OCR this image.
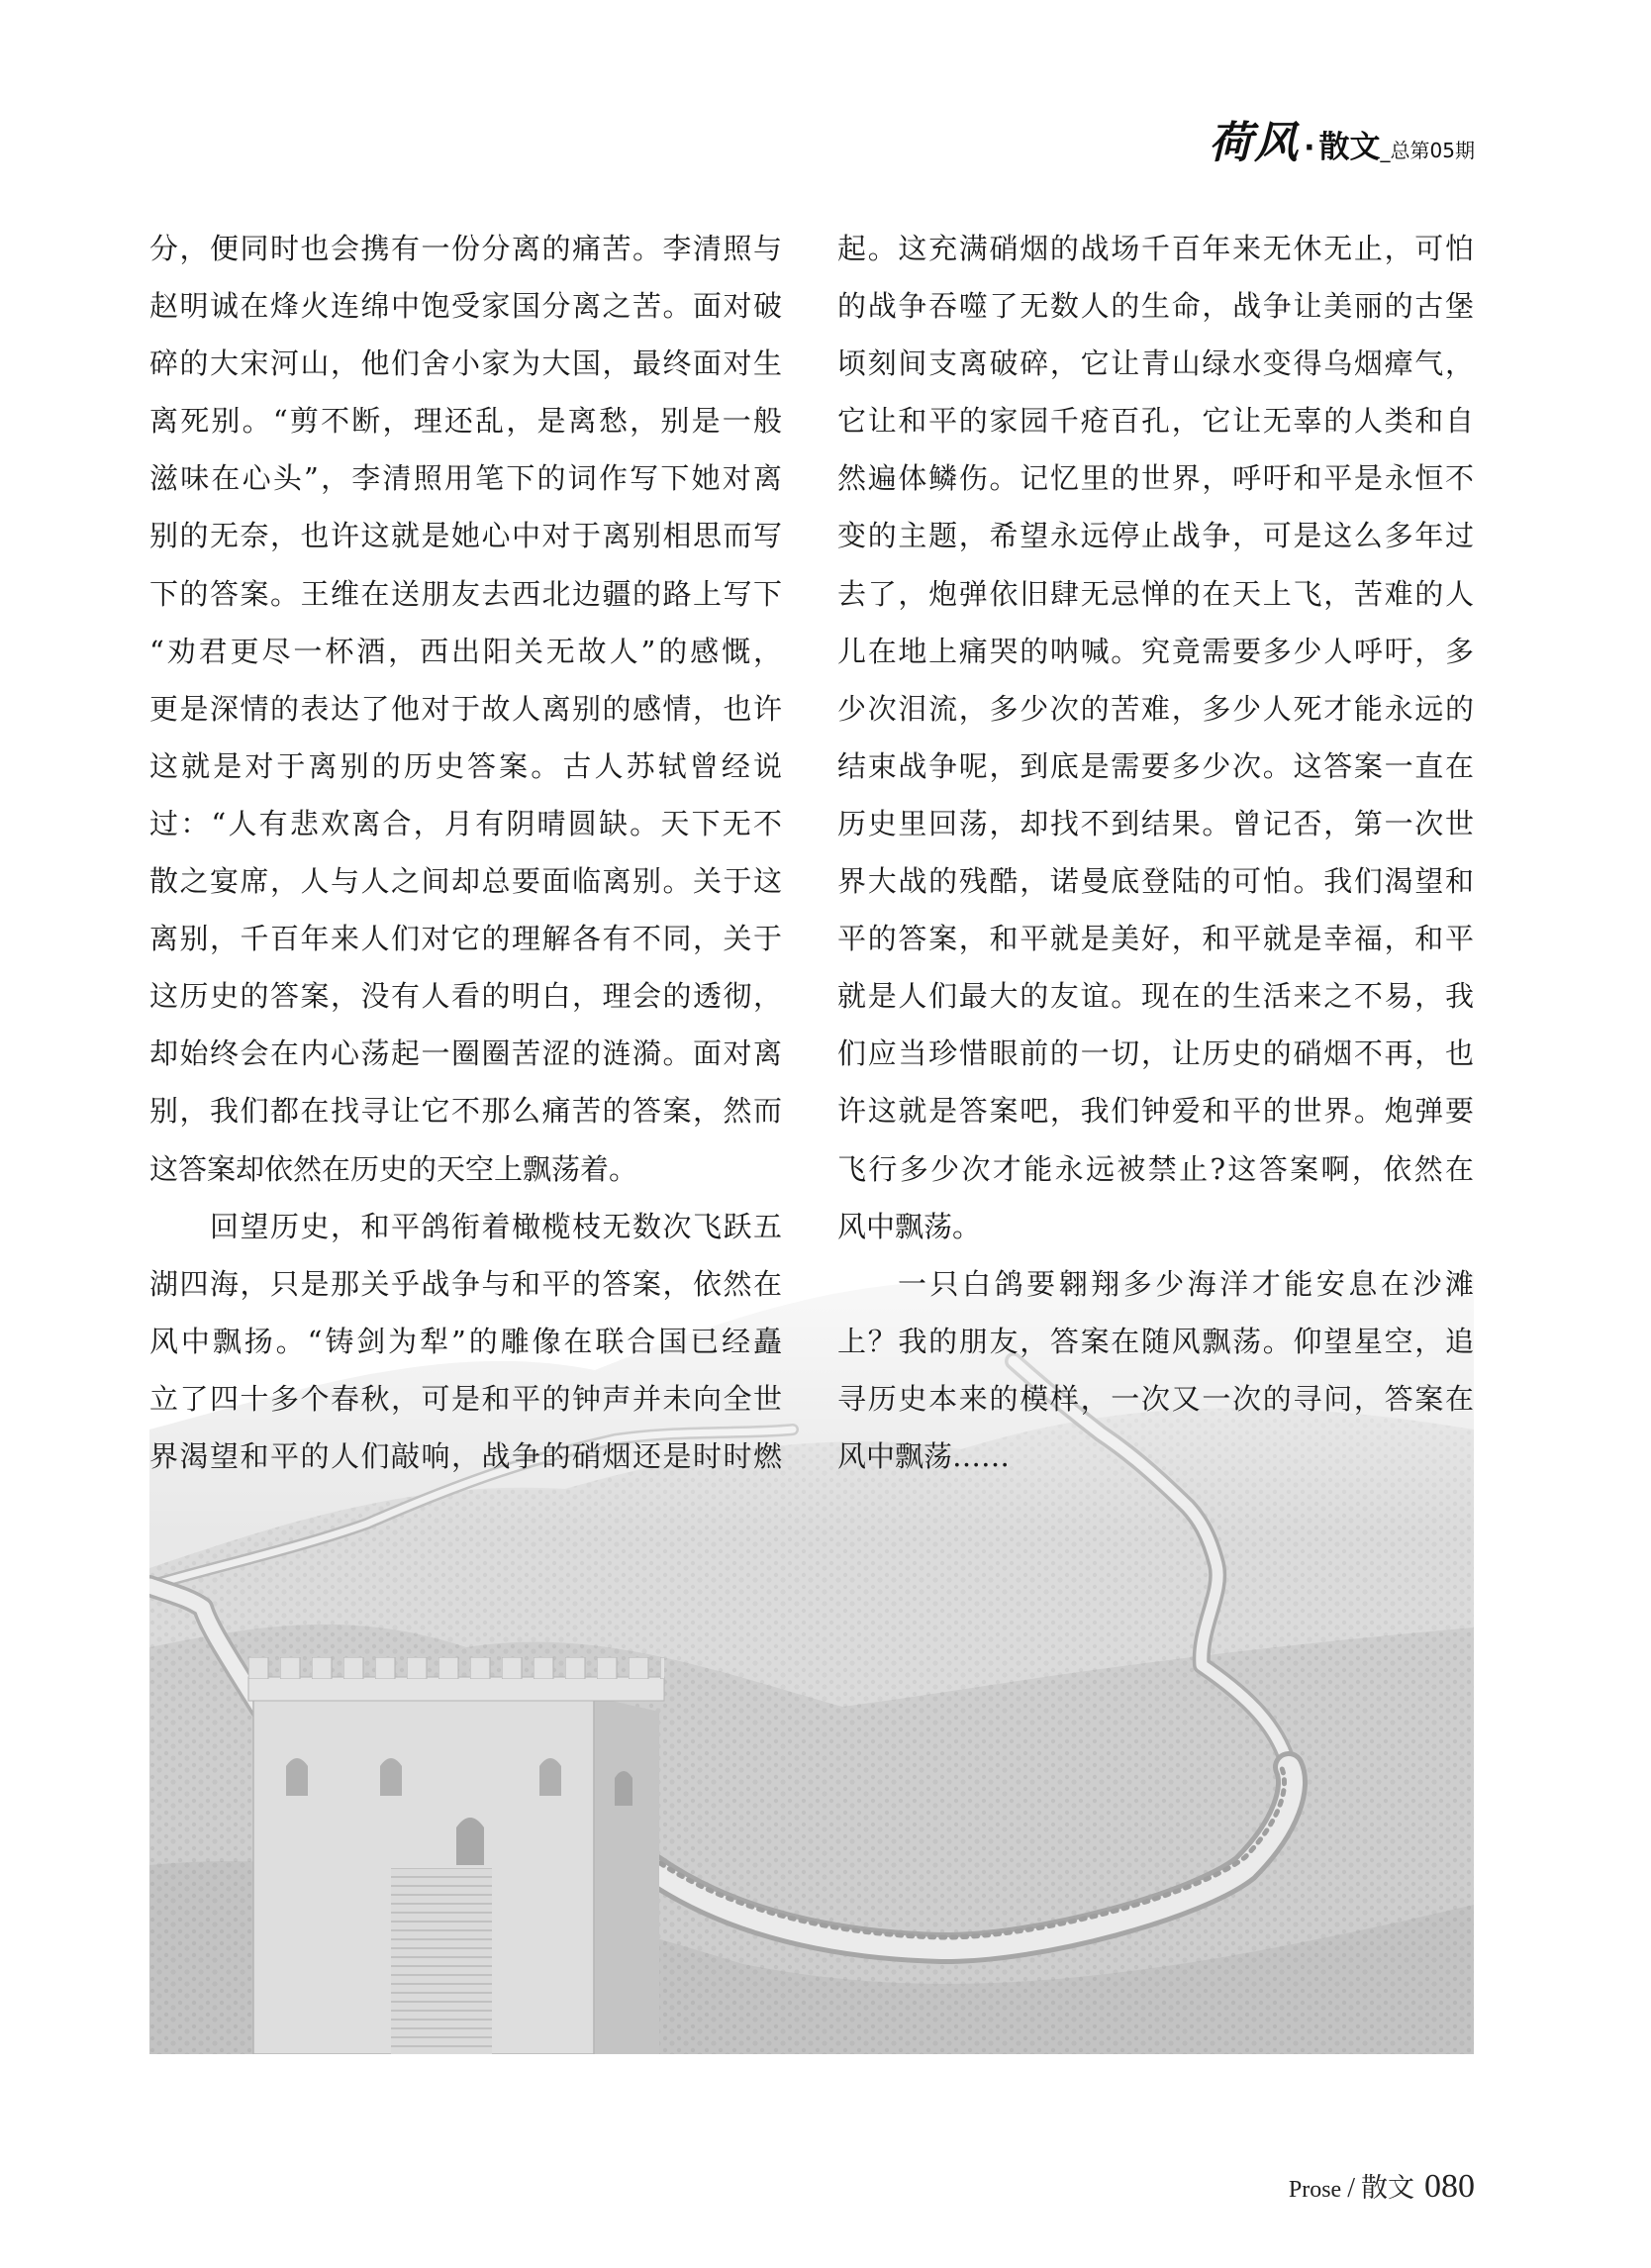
荷风 · 散文 _总第05期
分，便同时也会携有一份分离的痛苦。李清照与
赵明诚在烽火连绵中饱受家国分离之苦。面对破
碎的大宋河山，他们舍小家为大国，最终面对生
离死别。“剪不断，理还乱，是离愁，别是一般
滋味在心头”，李清照用笔下的词作写下她对离
别的无奈，也许这就是她心中对于离别相思而写
下的答案。王维在送朋友去西北边疆的路上写下
“劝君更尽一杯酒，西出阳关无故人”的感慨，
更是深情的表达了他对于故人离别的感情，也许
这就是对于离别的历史答案。古人苏轼曾经说
过：“人有悲欢离合，月有阴晴圆缺。天下无不
散之宴席，人与人之间却总要面临离别。关于这
离别，千百年来人们对它的理解各有不同，关于
这历史的答案，没有人看的明白，理会的透彻，
却始终会在内心荡起一圈圈苦涩的涟漪。面对离
别，我们都在找寻让它不那么痛苦的答案，然而
这答案却依然在历史的天空上飘荡着。
回望历史，和平鸽衔着橄榄枝无数次飞跃五
湖四海，只是那关乎战争与和平的答案，依然在
风中飘扬。“铸剑为犁”的雕像在联合国已经矗
立了四十多个春秋，可是和平的钟声并未向全世
界渴望和平的人们敲响，战争的硝烟还是时时燃
起。这充满硝烟的战场千百年来无休无止，可怕
的战争吞噬了无数人的生命，战争让美丽的古堡
顷刻间支离破碎，它让青山绿水变得乌烟瘴气，
它让和平的家园千疮百孔，它让无辜的人类和自
然遍体鳞伤。记忆里的世界，呼吁和平是永恒不
变的主题，希望永远停止战争，可是这么多年过
去了，炮弹依旧肆无忌惮的在天上飞，苦难的人
儿在地上痛哭的呐喊。究竟需要多少人呼吁，多
少次泪流，多少次的苦难，多少人死才能永远的
结束战争呢，到底是需要多少次。这答案一直在
历史里回荡，却找不到结果。曾记否，第一次世
界大战的残酷，诺曼底登陆的可怕。我们渴望和
平的答案，和平就是美好，和平就是幸福，和平
就是人们最大的友谊。现在的生活来之不易，我
们应当珍惜眼前的一切，让历史的硝烟不再，也
许这就是答案吧，我们钟爱和平的世界。炮弹要
飞行多少次才能永远被禁止?这答案啊，依然在
风中飘荡。
一只白鸽要翱翔多少海洋才能安息在沙滩
上？我的朋友，答案在随风飘荡。仰望星空，追
寻历史本来的模样，一次又一次的寻问，答案在
风中飘荡……
Prose / 散文 080
